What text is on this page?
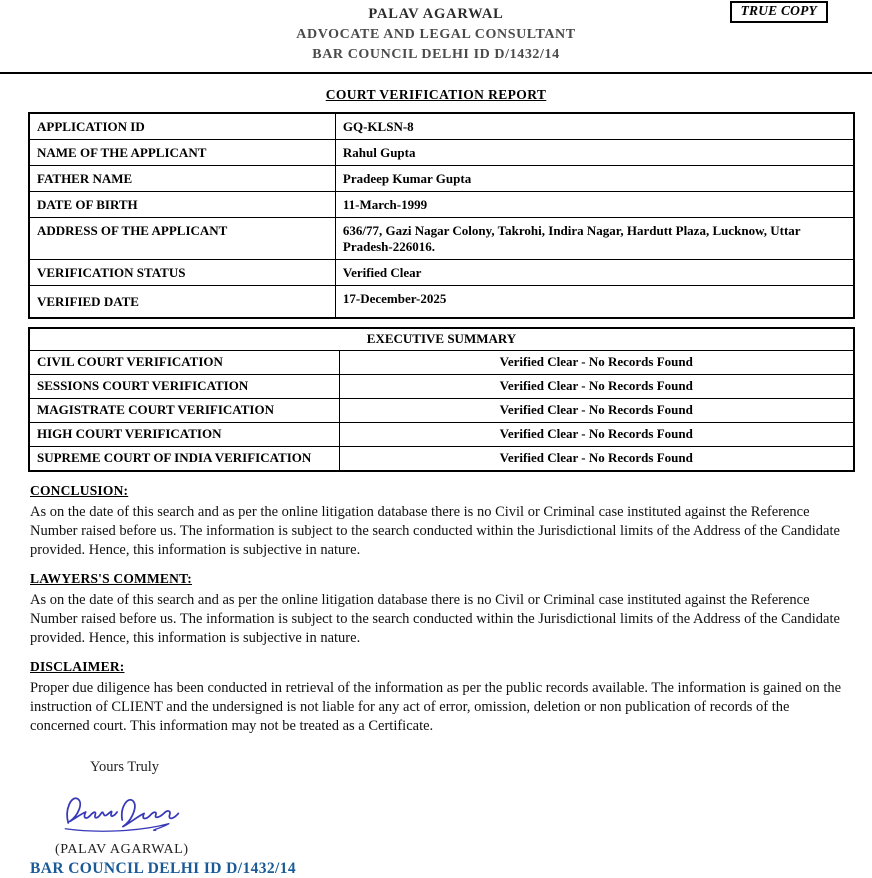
TRUE COPY
PALAV AGARWAL
ADVOCATE AND LEGAL CONSULTANT
BAR COUNCIL DELHI ID D/1432/14
COURT VERIFICATION REPORT
APPLICATION ID	GQ-KLSN-8
NAME OF THE APPLICANT	Rahul Gupta
FATHER NAME	Pradeep Kumar Gupta
DATE OF BIRTH	11-March-1999
ADDRESS OF THE APPLICANT	636/77, Gazi Nagar Colony, Takrohi, Indira Nagar, Hardutt Plaza, Lucknow, Uttar Pradesh-226016.
VERIFICATION STATUS	Verified Clear
VERIFIED DATE	17-December-2025
EXECUTIVE SUMMARY	
CIVIL COURT VERIFICATION	Verified Clear - No Records Found
SESSIONS COURT VERIFICATION	Verified Clear - No Records Found
MAGISTRATE COURT VERIFICATION	Verified Clear - No Records Found
HIGH COURT VERIFICATION	Verified Clear - No Records Found
SUPREME COURT OF INDIA VERIFICATION	Verified Clear - No Records Found
CONCLUSION:
As on the date of this search and as per the online litigation database there is no Civil or Criminal case instituted against the Reference Number raised before us. The information is subject to the search conducted within the Jurisdictional limits of the Address of the Candidate provided. Hence, this information is subjective in nature.
LAWYERS'S COMMENT:
As on the date of this search and as per the online litigation database there is no Civil or Criminal case instituted against the Reference Number raised before us. The information is subject to the search conducted within the Jurisdictional limits of the Address of the Candidate provided. Hence, this information is subjective in nature.
DISCLAIMER:
Proper due diligence has been conducted in retrieval of the information as per the public records available. The information is gained on the instruction of CLIENT and the undersigned is not liable for any act of error, omission, deletion or non publication of records of the concerned court. This information may not be treated as a Certificate.
Yours Truly
(PALAV AGARWAL)
BAR COUNCIL DELHI ID D/1432/14
